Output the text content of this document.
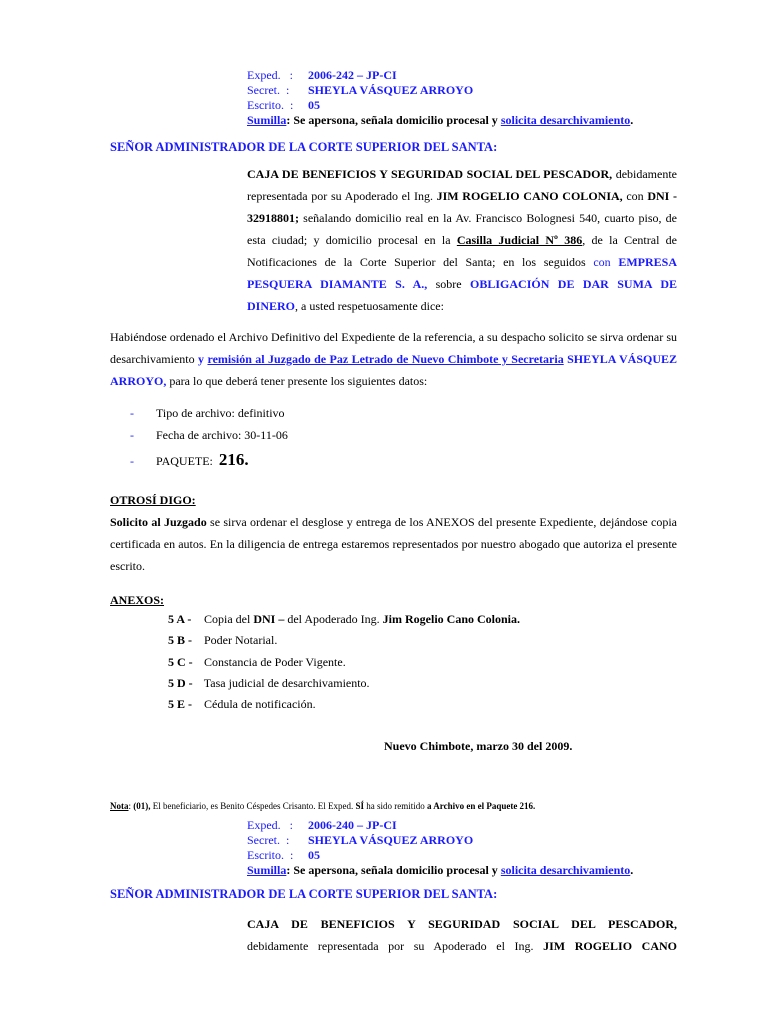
Exped. : 2006-242 – JP-CI
Secret. : SHEYLA VÁSQUEZ ARROYO
Escrito. : 05
Sumilla: Se apersona, señala domicilio procesal y solicita desarchivamiento.
SEÑOR ADMINISTRADOR DE LA CORTE SUPERIOR DEL SANTA:
CAJA DE BENEFICIOS Y SEGURIDAD SOCIAL DEL PESCADOR, debidamente representada por su Apoderado el Ing. JIM ROGELIO CANO COLONIA, con DNI - 32918801; señalando domicilio real en la Av. Francisco Bolognesi 540, cuarto piso, de esta ciudad; y domicilio procesal en la Casilla Judicial Nº 386, de la Central de Notificaciones de la Corte Superior del Santa; en los seguidos con EMPRESA PESQUERA DIAMANTE S. A., sobre OBLIGACIÓN DE DAR SUMA DE DINERO, a usted respetuosamente dice:
Habiéndose ordenado el Archivo Definitivo del Expediente de la referencia, a su despacho solicito se sirva ordenar su desarchivamiento y remisión al Juzgado de Paz Letrado de Nuevo Chimbote y Secretaria SHEYLA VÁSQUEZ ARROYO, para lo que deberá tener presente los siguientes datos:
- Tipo de archivo: definitivo
- Fecha de archivo: 30-11-06
- PAQUETE: 216.
OTROSÍ DIGO:
Solicito al Juzgado se sirva ordenar el desglose y entrega de los ANEXOS del presente Expediente, dejándose copia certificada en autos. En la diligencia de entrega estaremos representados por nuestro abogado que autoriza el presente escrito.
ANEXOS:
5 A - Copia del DNI – del Apoderado Ing. Jim Rogelio Cano Colonia.
5 B - Poder Notarial.
5 C - Constancia de Poder Vigente.
5 D - Tasa judicial de desarchivamiento.
5 E - Cédula de notificación.
Nuevo Chimbote, marzo 30 del 2009.
Nota: (01), El beneficiario, es Benito Céspedes Crisanto. El Exped. SÍ ha sido remitido a Archivo en el Paquete 216.
Exped. : 2006-240 – JP-CI
Secret. : SHEYLA VÁSQUEZ ARROYO
Escrito. : 05
Sumilla: Se apersona, señala domicilio procesal y solicita desarchivamiento.
SEÑOR ADMINISTRADOR DE LA CORTE SUPERIOR DEL SANTA:
CAJA DE BENEFICIOS Y SEGURIDAD SOCIAL DEL PESCADOR,
debidamente representada por su Apoderado el Ing. JIM ROGELIO CANO
